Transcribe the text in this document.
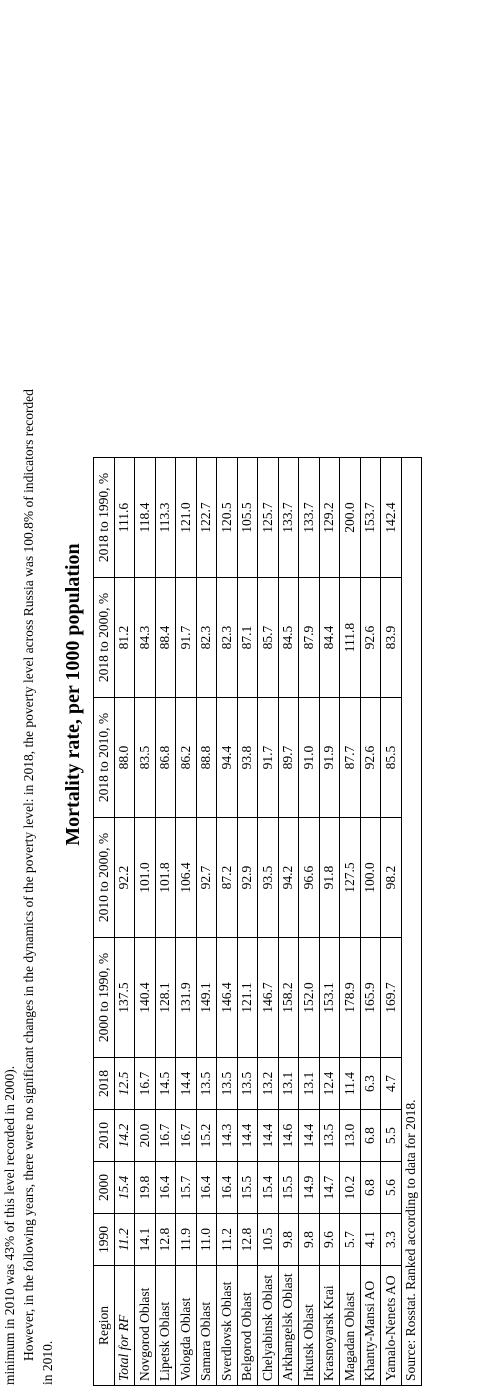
minimum in 2010 was 43% of this level recorded in 2000). However, in the following years, there were no significant changes in the dynamics of the poverty level: in 2018, the poverty level across Russia was 100.8% of indicators recorded
in 2010.
Mortality rate, per 1000 population
Region	1990	2000	2010	2018	2000 to 1990, %	2010 to 2000, %	2018 to 2010, %	2018 to 2000, %	2018 to 1990, %
Total for RF	11.2	15.4	14.2	12.5	137.5	92.2	88.0	81.2	111.6
Novgorod Oblast	14.1	19.8	20.0	16.7	140.4	101.0	83.5	84.3	118.4
Lipetsk Oblast	12.8	16.4	16.7	14.5	128.1	101.8	86.8	88.4	113.3
Vologda Oblast	11.9	15.7	16.7	14.4	131.9	106.4	86.2	91.7	121.0
Samara Oblast	11.0	16.4	15.2	13.5	149.1	92.7	88.8	82.3	122.7
Sverdlovsk Oblast	11.2	16.4	14.3	13.5	146.4	87.2	94.4	82.3	120.5
Belgorod Oblast	12.8	15.5	14.4	13.5	121.1	92.9	93.8	87.1	105.5
Chelyabinsk Oblast	10.5	15.4	14.4	13.2	146.7	93.5	91.7	85.7	125.7
Arkhangelsk Oblast	9.8	15.5	14.6	13.1	158.2	94.2	89.7	84.5	133.7
Irkutsk Oblast	9.8	14.9	14.4	13.1	152.0	96.6	91.0	87.9	133.7
Krasnoyarsk Krai	9.6	14.7	13.5	12.4	153.1	91.8	91.9	84.4	129.2
Magadan Oblast	5.7	10.2	13.0	11.4	178.9	127.5	87.7	111.8	200.0
Khanty-Mansi AO	4.1	6.8	6.8	6.3	165.9	100.0	92.6	92.6	153.7
Yamalo-Nenets AO	3.3	5.6	5.5	4.7	169.7	98.2	85.5	83.9	142.4
Source: Rosstat. Ranked according to data for 2018.									
